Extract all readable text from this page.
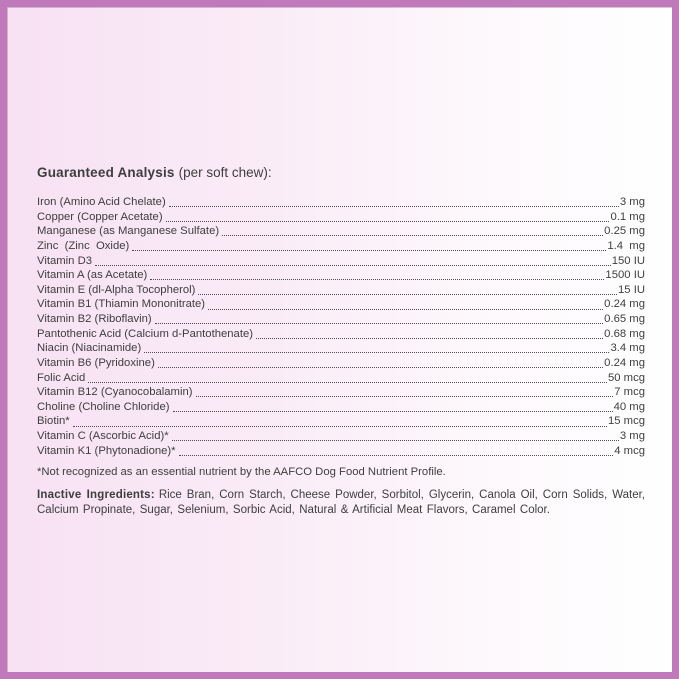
Guaranteed Analysis (per soft chew):
Iron (Amino Acid Chelate)	3 mg
Copper (Copper Acetate)	0.1 mg
Manganese (as Manganese Sulfate)	0.25 mg
Zinc  (Zinc  Oxide)	1.4  mg
Vitamin D3	150 IU
Vitamin A (as Acetate)	1500 IU
Vitamin E (dl-Alpha Tocopherol)	15 IU
Vitamin B1 (Thiamin Mononitrate)	0.24 mg
Vitamin B2 (Riboflavin)	0.65 mg
Pantothenic Acid (Calcium d-Pantothenate)	0.68 mg
Niacin (Niacinamide)	3.4 mg
Vitamin B6 (Pyridoxine)	0.24 mg
Folic Acid	50 mcg
Vitamin B12 (Cyanocobalamin)	7 mcg
Choline (Choline Chloride)	40 mg
Biotin*	15 mcg
Vitamin C (Ascorbic Acid)*	3 mg
Vitamin K1 (Phytonadione)*	4 mcg

*Not recognized as an essential nutrient by the AAFCO Dog Food Nutrient Profile.

Inactive Ingredients: Rice Bran, Corn Starch, Cheese Powder, Sorbitol, Glycerin, Canola Oil, Corn Solids, Water, Calcium Propinate, Sugar, Selenium, Sorbic Acid, Natural & Artificial Meat Flavors, Caramel Color.
